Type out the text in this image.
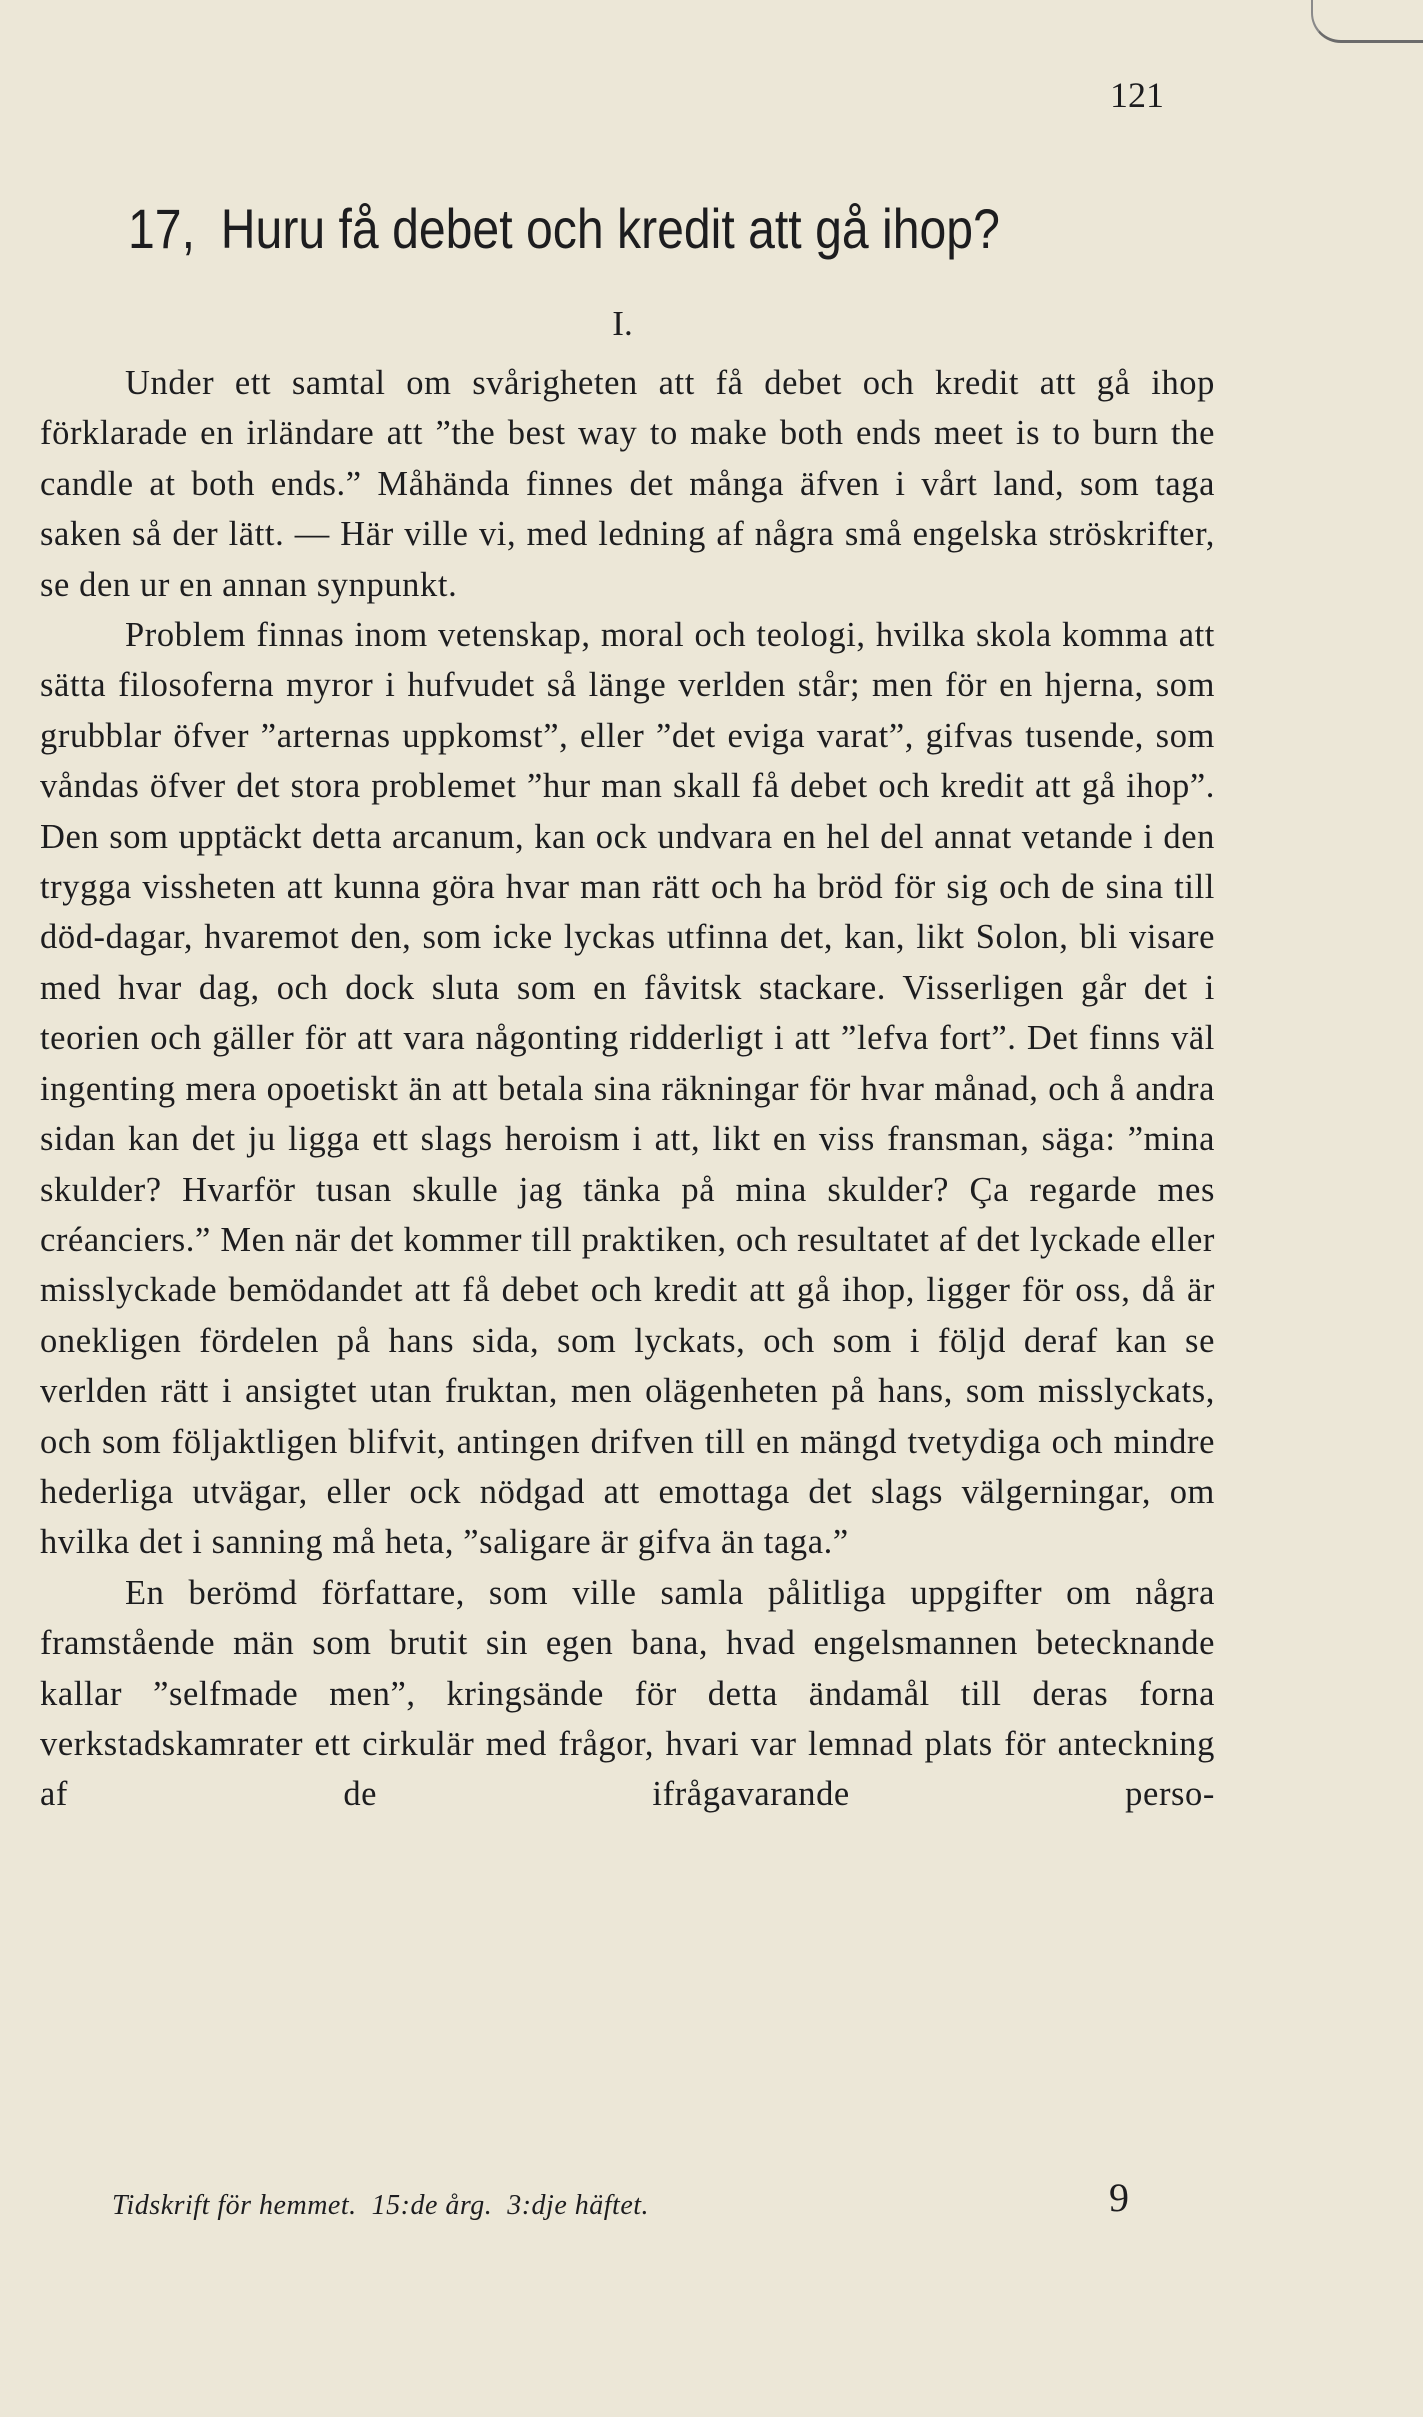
121
17, Huru få debet och kredit att gå ihop?
I.

Under ett samtal om svårigheten att få debet och kredit att gå ihop förklarade en irländare att ”the best way to make both ends meet is to burn the candle at both ends.” Måhända finnes det många äfven i vårt land, som taga saken så der lätt. — Här ville vi, med ledning af några små engelska ströskrifter, se den ur en annan synpunkt.

Problem finnas inom vetenskap, moral och teologi, hvilka skola komma att sätta filosoferna myror i hufvudet så länge verlden står; men för en hjerna, som grubblar öfver ”arternas uppkomst”, eller ”det eviga varat”, gifvas tusende, som våndas öfver det stora problemet ”hur man skall få debet och kredit att gå ihop”. Den som upptäckt detta arcanum, kan ock undvara en hel del annat vetande i den trygga vissheten att kunna göra hvar man rätt och ha bröd för sig och de sina till död-dagar, hvaremot den, som icke lyckas utfinna det, kan, likt Solon, bli visare med hvar dag, och dock sluta som en fåvitsk stackare. Visserligen går det i teorien och gäller för att vara någonting ridderligt i att ”lefva fort”. Det finns väl ingenting mera opoetiskt än att betala sina räkningar för hvar månad, och å andra sidan kan det ju ligga ett slags heroism i att, likt en viss fransman, säga: ”mina skulder? Hvarför tusan skulle jag tänka på mina skulder? Ça regarde mes créanciers.” Men när det kommer till praktiken, och resultatet af det lyckade eller misslyckade bemödandet att få debet och kredit att gå ihop, ligger för oss, då är onekligen fördelen på hans sida, som lyckats, och som i följd deraf kan se verlden rätt i ansigtet utan fruktan, men olägenheten på hans, som misslyckats, och som följaktligen blifvit, antingen drifven till en mängd tvetydiga och mindre hederliga utvägar, eller ock nödgad att emottaga det slags välgerningar, om hvilka det i sanning må heta, ”saligare är gifva än taga.”

En berömd författare, som ville samla pålitliga uppgifter om några framstående män som brutit sin egen bana, hvad engelsmannen betecknande kallar ”selfmade men”, kringsände för detta ändamål till deras forna verkstadskamrater ett cirkulär med frågor, hvari var lemnad plats för anteckning af de ifrågavarande perso-

Tidskrift för hemmet.  15:de årg.  3:dje häftet.	9
